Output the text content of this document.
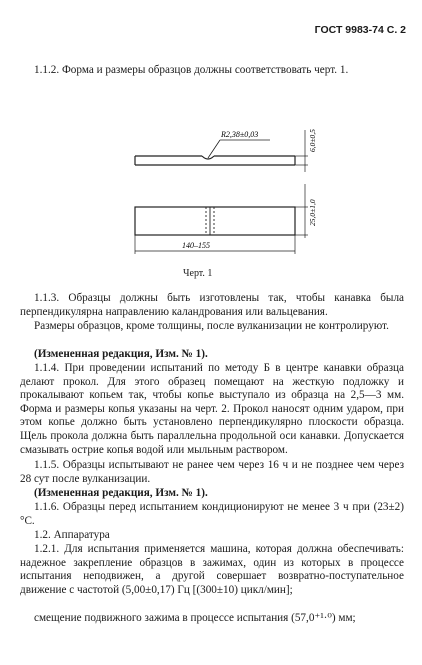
ГОСТ 9983-74 С. 2

1.1.2. Форма и размеры образцов должны соответствовать черт. 1.

R2,38±0,03	6,0±0,5
25,0±1,0
140–155
Черт. 1

1.1.3. Образцы должны быть изготовлены так, чтобы канавка была перпендикулярна направлению каландрования или вальцевания.

Размеры образцов, кроме толщины, после вулканизации не контролируют.

(Измененная редакция, Изм. № 1).

1.1.4. При проведении испытаний по методу Б в центре канавки образца делают прокол. Для этого образец помещают на жесткую подложку и прокалывают копьем так, чтобы копье выступало из образца на 2,5—3 мм. Форма и размеры копья указаны на черт. 2. Прокол наносят одним ударом, при этом копье должно быть установлено перпендикулярно плоскости образца. Щель прокола должна быть параллельна продольной оси канавки. Допускается смазывать острие копья водой или мыльным раствором.

1.1.5. Образцы испытывают не ранее чем через 16 ч и не позднее чем через 28 сут после вулканизации.

(Измененная редакция, Изм. № 1).

1.1.6. Образцы перед испытанием кондиционируют не менее 3 ч при (23±2)°С.

1.2. Аппаратура

1.2.1. Для испытания применяется машина, которая должна обеспечивать: надежное закрепление образцов в зажимах, один из которых в процессе испытания неподвижен, а другой совершает возвратно-поступательное движение с частотой (5,00±0,17) Гц [(300±10) цикл/мин];

смещение подвижного зажима в процессе испытания (57,0⁺¹·⁰) мм;
